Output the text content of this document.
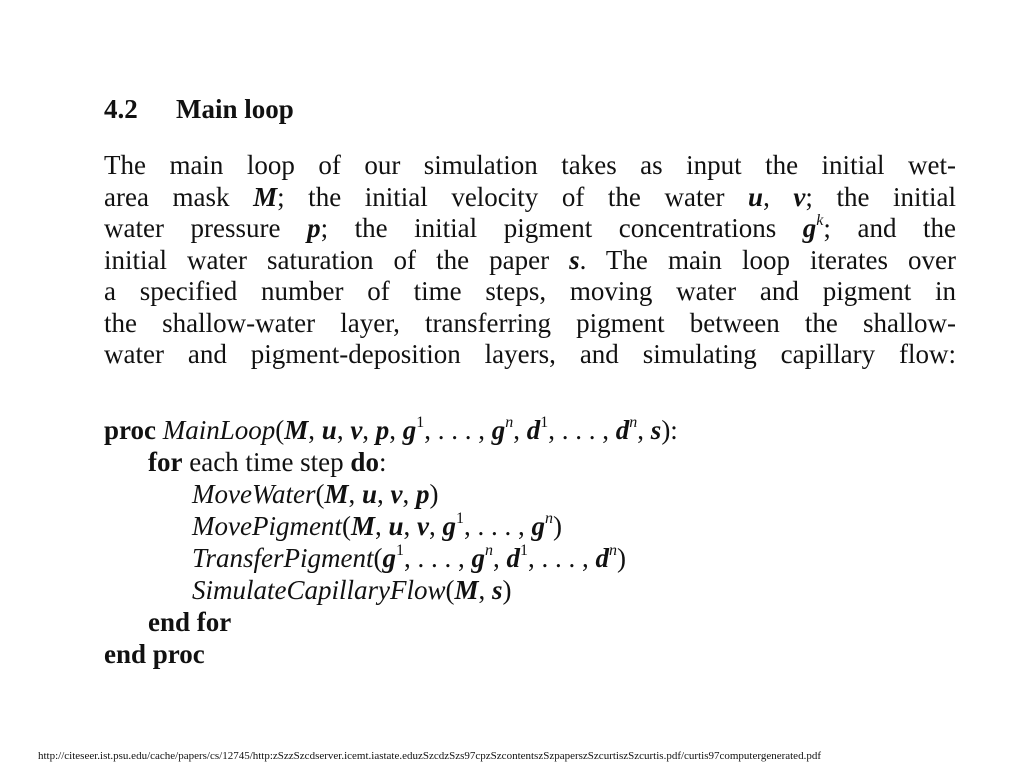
4.2 Main loop
The main loop of our simulation takes as input the initial wet-
area mask M; the initial velocity of the water u, v; the initial
water pressure p; the initial pigment concentrations $g^k$; and the
initial water saturation of the paper s. The main loop iterates over
a specified number of time steps, moving water and pigment in
the shallow-water layer, transferring pigment between the shallow-
water and pigment-deposition layers, and simulating capillary flow:
proc MainLoop(M, u, v, p, $g^1$, . . . , $g^n$, $d^1$, . . . , $d^n$, s):
for each time step do:
MoveWater(M, u, v, p)
MovePigment(M, u, v, $g^1$, . . . , $g^n$)
$TransferPigment(g^1$, . . . , $g^n$, $d^1$, . . . , $d^n$)
SimulateCapillaryFlow(M, s)
end for
end proc
http://citeseer.ist.psu.edu/cache/papers/cs/12745/http:zSzzSzcdserver.icemt.iastate.eduzSzcdzSzs97cpzSzcontentszSzpaperszSzcurtiszSzcurtis.pdf/curtis97computergenerated.pdf
